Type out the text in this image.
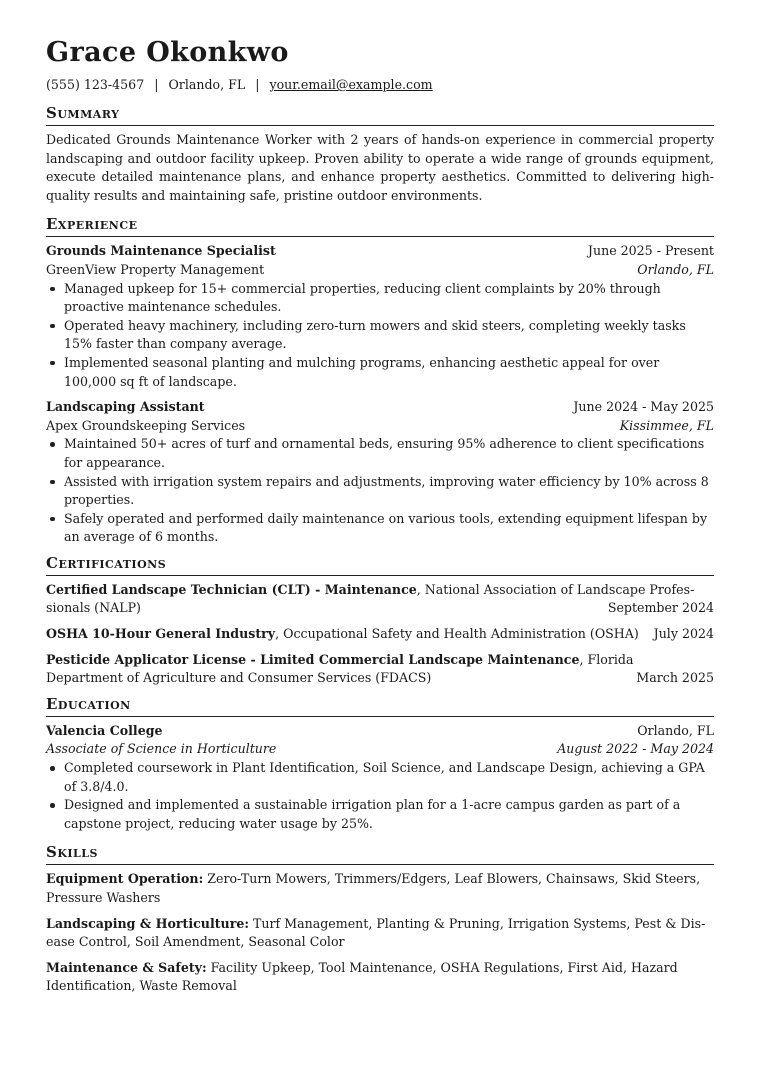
Grace Okonkwo
(555) 123-4567 | Orlando, FL | your.email@example.com
Summary
Dedicated Grounds Maintenance Worker with 2 years of hands-on experience in commercial property landscaping and outdoor facility upkeep. Proven ability to operate a wide range of grounds equipment, execute detailed maintenance plans, and enhance property aesthetics. Committed to delivering high-quality results and maintaining safe, pristine outdoor environments.
Experience
Grounds Maintenance Specialist	June 2025 - Present
GreenView Property Management	Orlando, FL
Managed upkeep for 15+ commercial properties, reducing client complaints by 20% through proactive maintenance schedules.
Operated heavy machinery, including zero-turn mowers and skid steers, completing weekly tasks 15% faster than company average.
Implemented seasonal planting and mulching programs, enhancing aesthetic appeal for over 100,000 sq ft of landscape.
Landscaping Assistant	June 2024 - May 2025
Apex Groundskeeping Services	Kissimmee, FL
Maintained 50+ acres of turf and ornamental beds, ensuring 95% adherence to client specifications for appearance.
Assisted with irrigation system repairs and adjustments, improving water efficiency by 10% across 8 properties.
Safely operated and performed daily maintenance on various tools, extending equipment lifespan by an average of 6 months.
Certifications
Certified Landscape Technician (CLT) - Maintenance, National Association of Landscape Professionals (NALP)	September 2024
OSHA 10-Hour General Industry, Occupational Safety and Health Administration (OSHA)	July 2024
Pesticide Applicator License - Limited Commercial Landscape Maintenance, Florida Department of Agriculture and Consumer Services (FDACS)	March 2025
Education
Valencia College	Orlando, FL
Associate of Science in Horticulture	August 2022 - May 2024
Completed coursework in Plant Identification, Soil Science, and Landscape Design, achieving a GPA of 3.8/4.0.
Designed and implemented a sustainable irrigation plan for a 1-acre campus garden as part of a capstone project, reducing water usage by 25%.
Skills
Equipment Operation: Zero-Turn Mowers, Trimmers/Edgers, Leaf Blowers, Chainsaws, Skid Steers, Pressure Washers
Landscaping & Horticulture: Turf Management, Planting & Pruning, Irrigation Systems, Pest & Disease Control, Soil Amendment, Seasonal Color
Maintenance & Safety: Facility Upkeep, Tool Maintenance, OSHA Regulations, First Aid, Hazard Identification, Waste Removal
